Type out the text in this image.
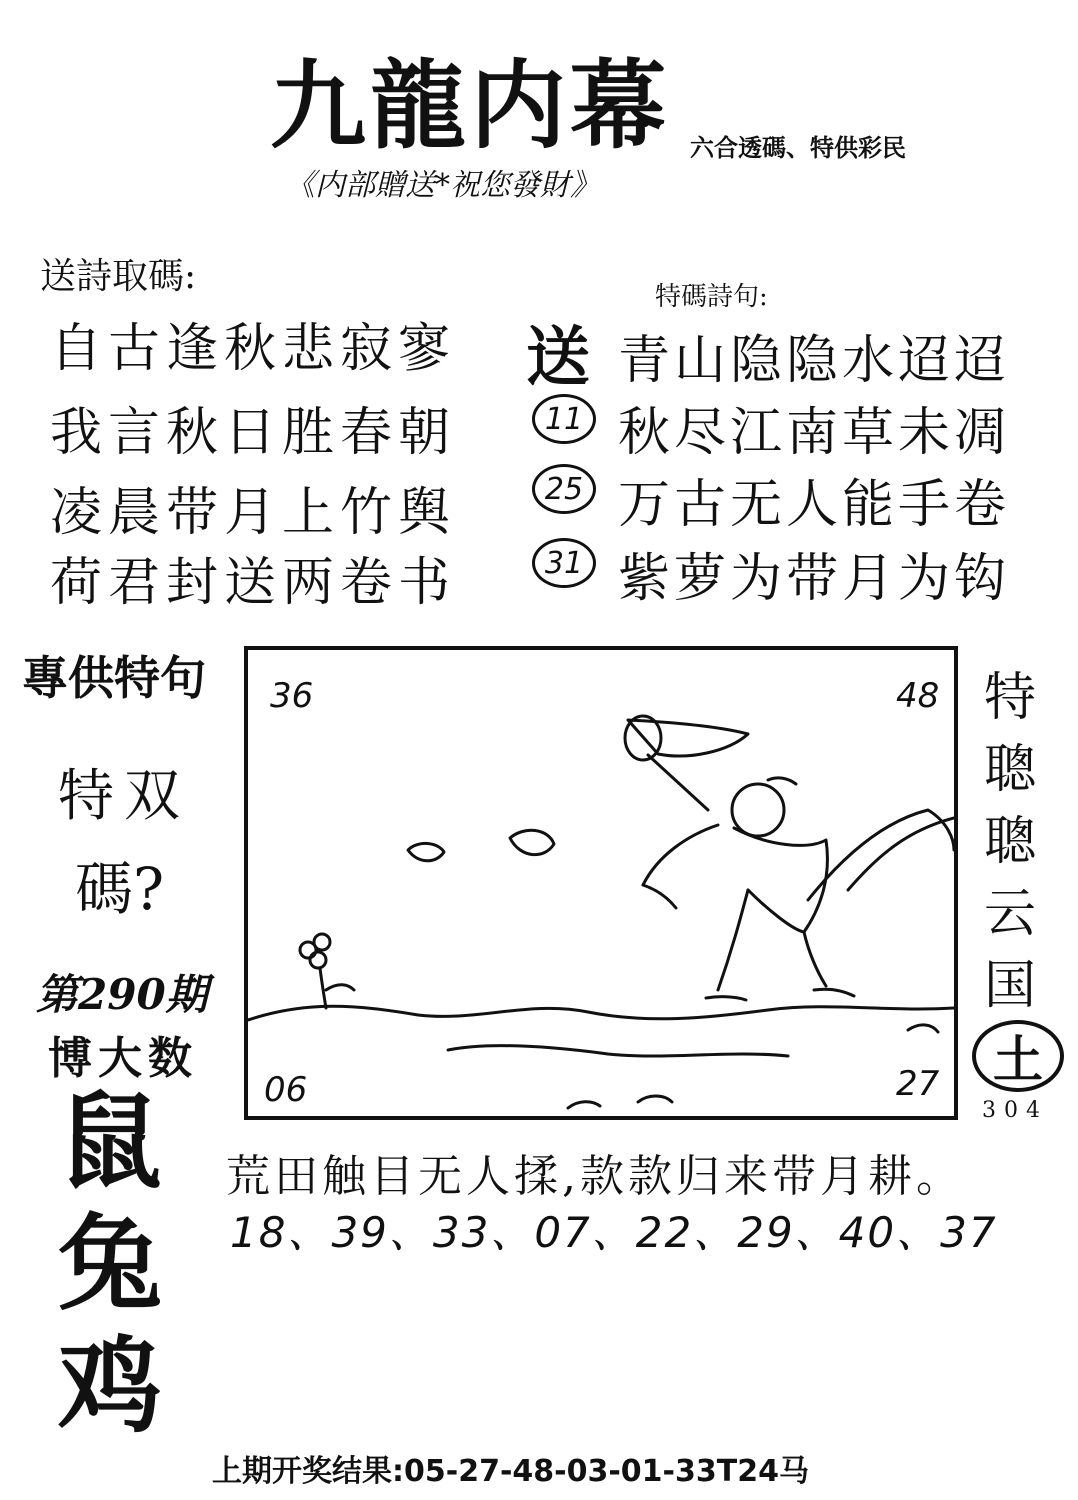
九龍内幕 六合透碼、特供彩民
《内部贈送*祝您發財》
送詩取碼:
自古逢秋悲寂寥
我言秋日胜春朝
凌晨带月上竹舆
荷君封送两卷书
特碼詩句:
送 青山隐隐水迢迢
11 秋尽江南草未凋
25 万古无人能手卷
31 紫萝为带月为钩
專供特句
特双
碼?
第290期
博大数
鼠
兔
鸡
36	48
06	27
特
聰
聰
云
国
土
304
荒田触目无人揉,款款归来带月耕。
18、39、33、07、22、29、40、37
上期开奖结果:05-27-48-03-01-33T24马
